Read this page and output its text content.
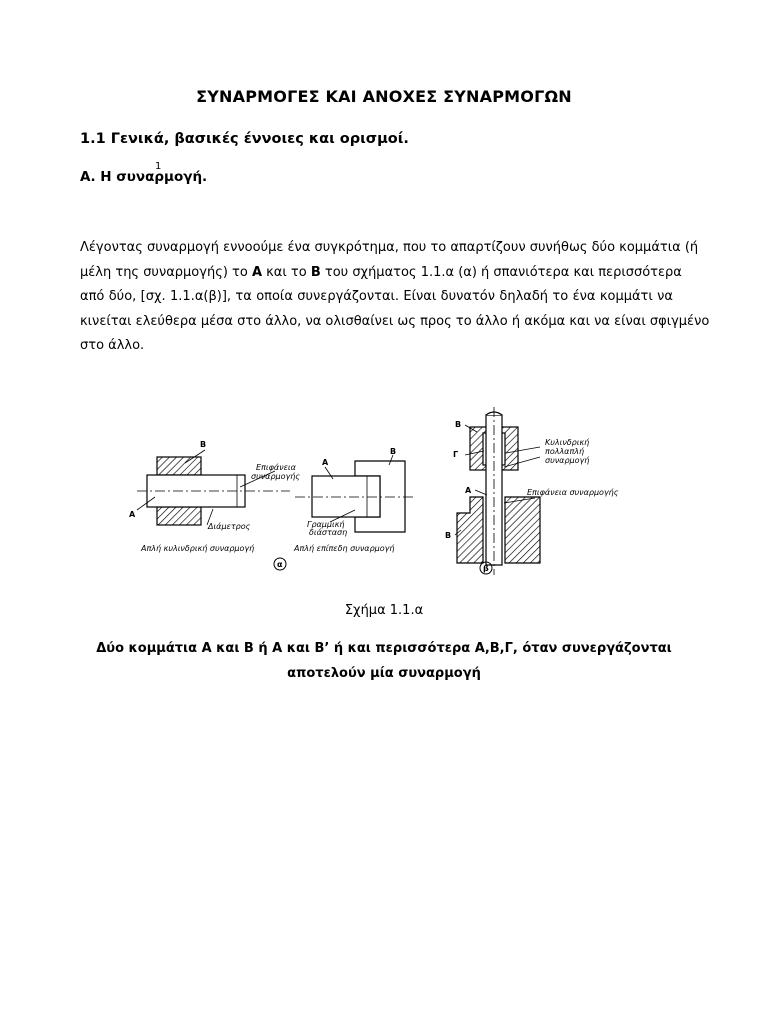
ΣΥΝΑΡΜΟΓΕΣ ΚΑΙ ΑΝΟΧΕΣ ΣΥΝΑΡΜΟΓΩΝ
1.1 Γενικά, βασικές έννοιες και ορισμοί.
Α. Η συναρμογή.
1
Λέγοντας συναρμογή εννοούμε ένα συγκρότημα, που το απαρτίζουν συνήθως δύο κομμάτια (ή
μέλη της συναρμογής) το Α και το Β του σχήματος 1.1.α (α) ή σπανιότερα και περισσότερα
από δύο, [σχ. 1.1.α(β)], τα οποία συνεργάζονται. Είναι δυνατόν δηλαδή το ένα κομμάτι να
κινείται ελεύθερα μέσα στο άλλο, να ολισθαίνει ως προς το άλλο ή ακόμα και να είναι σφιγμένο
στο άλλο.
Β
Α
Επιφάνεια
συναρμογής
Διάμετρος
Απλή κυλινδρική συναρμογή
Α
Β
Γραμμική
διάσταση
Απλή επίπεδη συναρμογή
α
Β
Γ
Α
Β
Κυλινδρική
πολλαπλή
συναρμογή
Επιφάνεια συναρμογής
β
Σχήμα 1.1.α
Δύο κομμάτια Α και Β ή Α και Β’ ή και περισσότερα Α,Β,Γ, όταν συνεργάζονται
αποτελούν μία συναρμογή
